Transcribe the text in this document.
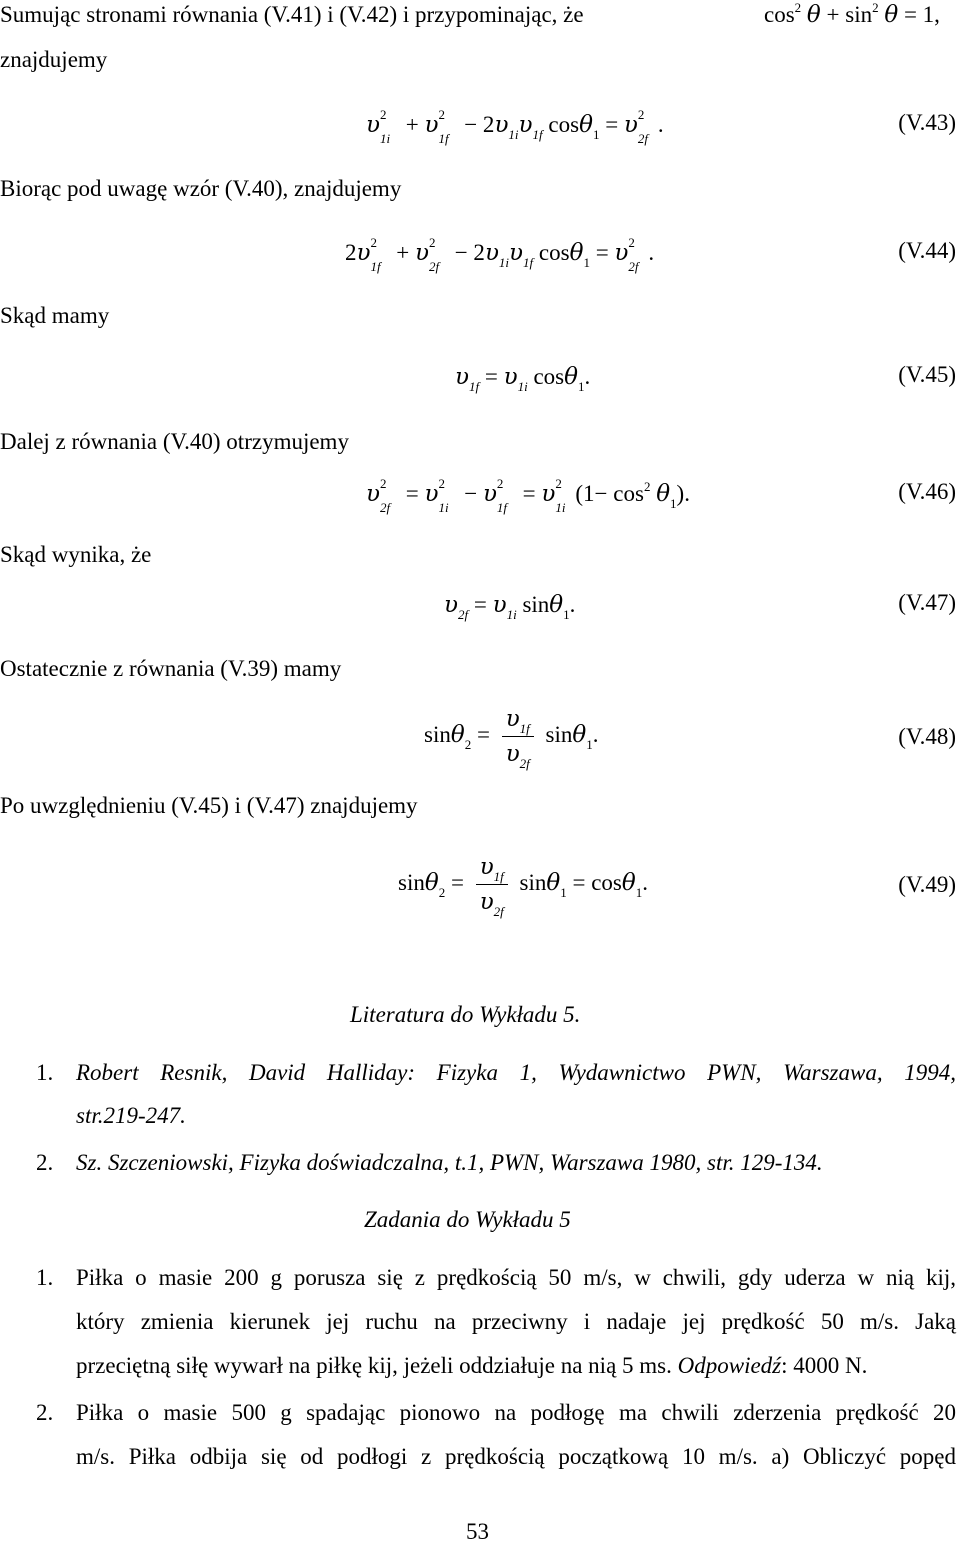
Sumując stronami równania (V.41) i (V.42) i przypominając, że	$\cos^2 \theta + \sin^2 \theta = 1$,
znajdujemy
υ 2
1i
+ υ 2
1f
− $2\upsilon_{1i}\upsilon_{1f}$ cosθ$_1$ = υ 2
2f
.	(V.43)
Biorąc pod uwagę wzór (V.40), znajdujemy
2υ 2
1f
+ υ 2
2f
− $2\upsilon_{1i}\upsilon_{1f}$ cosθ$_1$ = υ 2
2f
.	(V.44)
Skąd mamy
$\upsilon_{1f} = \upsilon_{1i}$ cosθ$_1$.	(V.45)
Dalej z równania (V.40) otrzymujemy
υ 2
2f
= υ 2
1i
− υ 2
1f
= υ 2
1i
$(1- \cos^2 \theta_1)$.	(V.46)
Skąd wynika, że
$\upsilon_{2f} = \upsilon_{1i}$ sinθ$_1$.	(V.47)
Ostatecznie z równania (V.39) mamy
$\sin\theta_2 = \frac{\upsilon_{1f}}{\upsilon_{2f}} \sin\theta_1$.	(V.48)
Po uwzględnieniu (V.45) i (V.47) znajdujemy
$\sin\theta_2 = \frac{\upsilon_{1f}}{\upsilon_{2f}} \sin\theta_1 = \cos\theta_1$.	(V.49)
Literatura do Wykładu 5.
1. Robert Resnik, David Halliday: Fizyka 1, Wydawnictwo PWN, Warszawa, 1994,
str.219-247.
2. Sz. Szczeniowski, Fizyka doświadczalna, t.1, PWN, Warszawa 1980, str. 129-134.
Zadania do Wykładu 5
1. Piłka o masie 200 g porusza się z prędkością 50 m/s, w chwili, gdy uderza w nią kij,
który zmienia kierunek jej ruchu na przeciwny i nadaje jej prędkość 50 m/s. Jaką
przeciętną siłę wywarł na piłkę kij, jeżeli oddziałuje na nią 5 ms. Odpowiedź: 4000 N.
2. Piłka o masie 500 g spadając pionowo na podłogę ma chwili zderzenia prędkość 20
m/s. Piłka odbija się od podłogi z prędkością początkową 10 m/s. a) Obliczyć popęd
53
